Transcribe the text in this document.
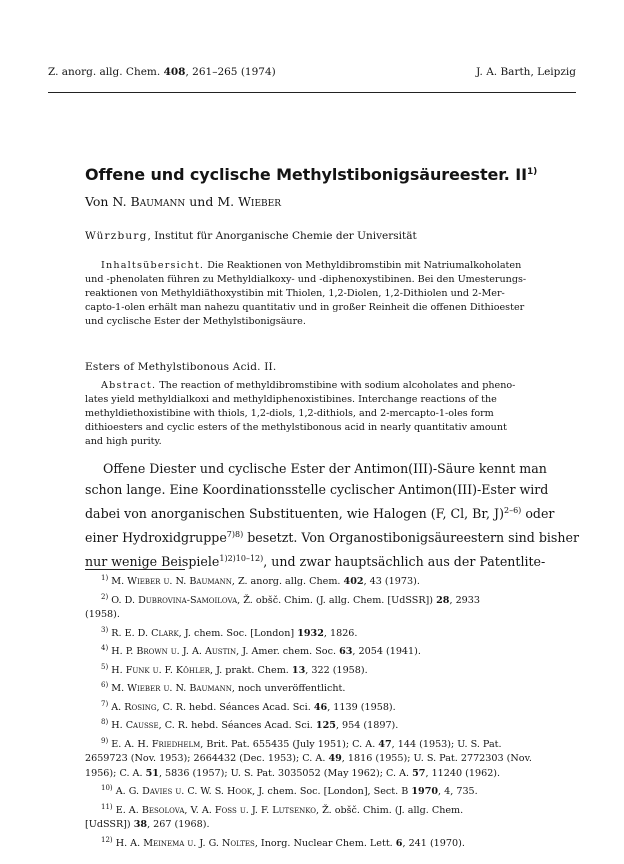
Z. anorg. allg. Chem. 408, 261–265 (1974)	J. A. Barth, Leipzig
Offene und cyclische Methylstibonigsäureester. II$^{1)}$
Von N. Baumann und M. Wieber
Würzburg, Institut für Anorganische Chemie der Universität
Inhaltsübersicht. Die Reaktionen von Methyldibromstibin mit Natriumalkoholaten
und -phenolaten führen zu Methyldialkoxy- und -diphenoxystibinen. Bei den Umesterungs-
reaktionen von Methyldiäthoxystibin mit Thiolen, 1,2-Diolen, 1,2-Dithiolen und 2-Mer-
capto-1-olen erhält man nahezu quantitativ und in großer Reinheit die offenen Dithioester
und cyclische Ester der Methylstibonigsäure.
Esters of Methylstibonous Acid. II.
Abstract. The reaction of methyldibromstibine with sodium alcoholates and pheno-
lates yield methyldialkoxi and methyldiphenoxistibines. Interchange reactions of the
methyldiethoxistibine with thiols, 1,2-diols, 1,2-dithiols, and 2-mercapto-1-oles form
dithioesters and cyclic esters of the methylstibonous acid in nearly quantitativ amount
and high purity.
Offene Diester und cyclische Ester der Antimon(III)-Säure kennt man
schon lange. Eine Koordinationsstelle cyclischer Antimon(III)-Ester wird
dabei von anorganischen Substituenten, wie Halogen (F, Cl, Br, J)$^{2-6)}$ oder
einer Hydroxidgruppe$^{7)8)}$ besetzt. Von Organostibonigsäureestern sind bisher
nur wenige Beispiele$^{1)2)10-12)}$, und zwar hauptsächlich aus der Patentlite-
$^{1)}$ M. Wieber u. N. Baumann, Z. anorg. allg. Chem. 402, 43 (1973).
$^{2)}$ O. D. Dubrovina-Samoilova, Ž. obšč. Chim. (J. allg. Chem. [UdSSR]) 28, 2933
(1958).
$^{3)}$ R. E. D. Clark, J. chem. Soc. [London] 1932, 1826.
$^{4)}$ H. P. Brown u. J. A. Austin, J. Amer. chem. Soc. 63, 2054 (1941).
$^{5)}$ H. Funk u. F. Köhler, J. prakt. Chem. 13, 322 (1958).
$^{6)}$ M. Wieber u. N. Baumann, noch unveröffentlicht.
$^{7)}$ A. Rosing, C. R. hebd. Séances Acad. Sci. 46, 1139 (1958).
$^{8)}$ H. Causse, C. R. hebd. Séances Acad. Sci. 125, 954 (1897).
$^{9)}$ E. A. H. Friedhelm, Brit. Pat. 655435 (July 1951); C. A. 47, 144 (1953); U. S. Pat.
2659723 (Nov. 1953); 2664432 (Dec. 1953); C. A. 49, 1816 (1955); U. S. Pat. 2772303 (Nov.
1956); C. A. 51, 5836 (1957); U. S. Pat. 3035052 (May 1962); C. A. 57, 11240 (1962).
$^{10)}$ A. G. Davies u. C. W. S. Hook, J. chem. Soc. [London], Sect. B 1970, 4, 735.
$^{11)}$ E. A. Besolova, V. A. Foss u. J. F. Lutsenko, Ž. obšč. Chim. (J. allg. Chem.
[UdSSR]) 38, 267 (1968).
$^{12)}$ H. A. Meinema u. J. G. Noltes, Inorg. Nuclear Chem. Lett. 6, 241 (1970).
